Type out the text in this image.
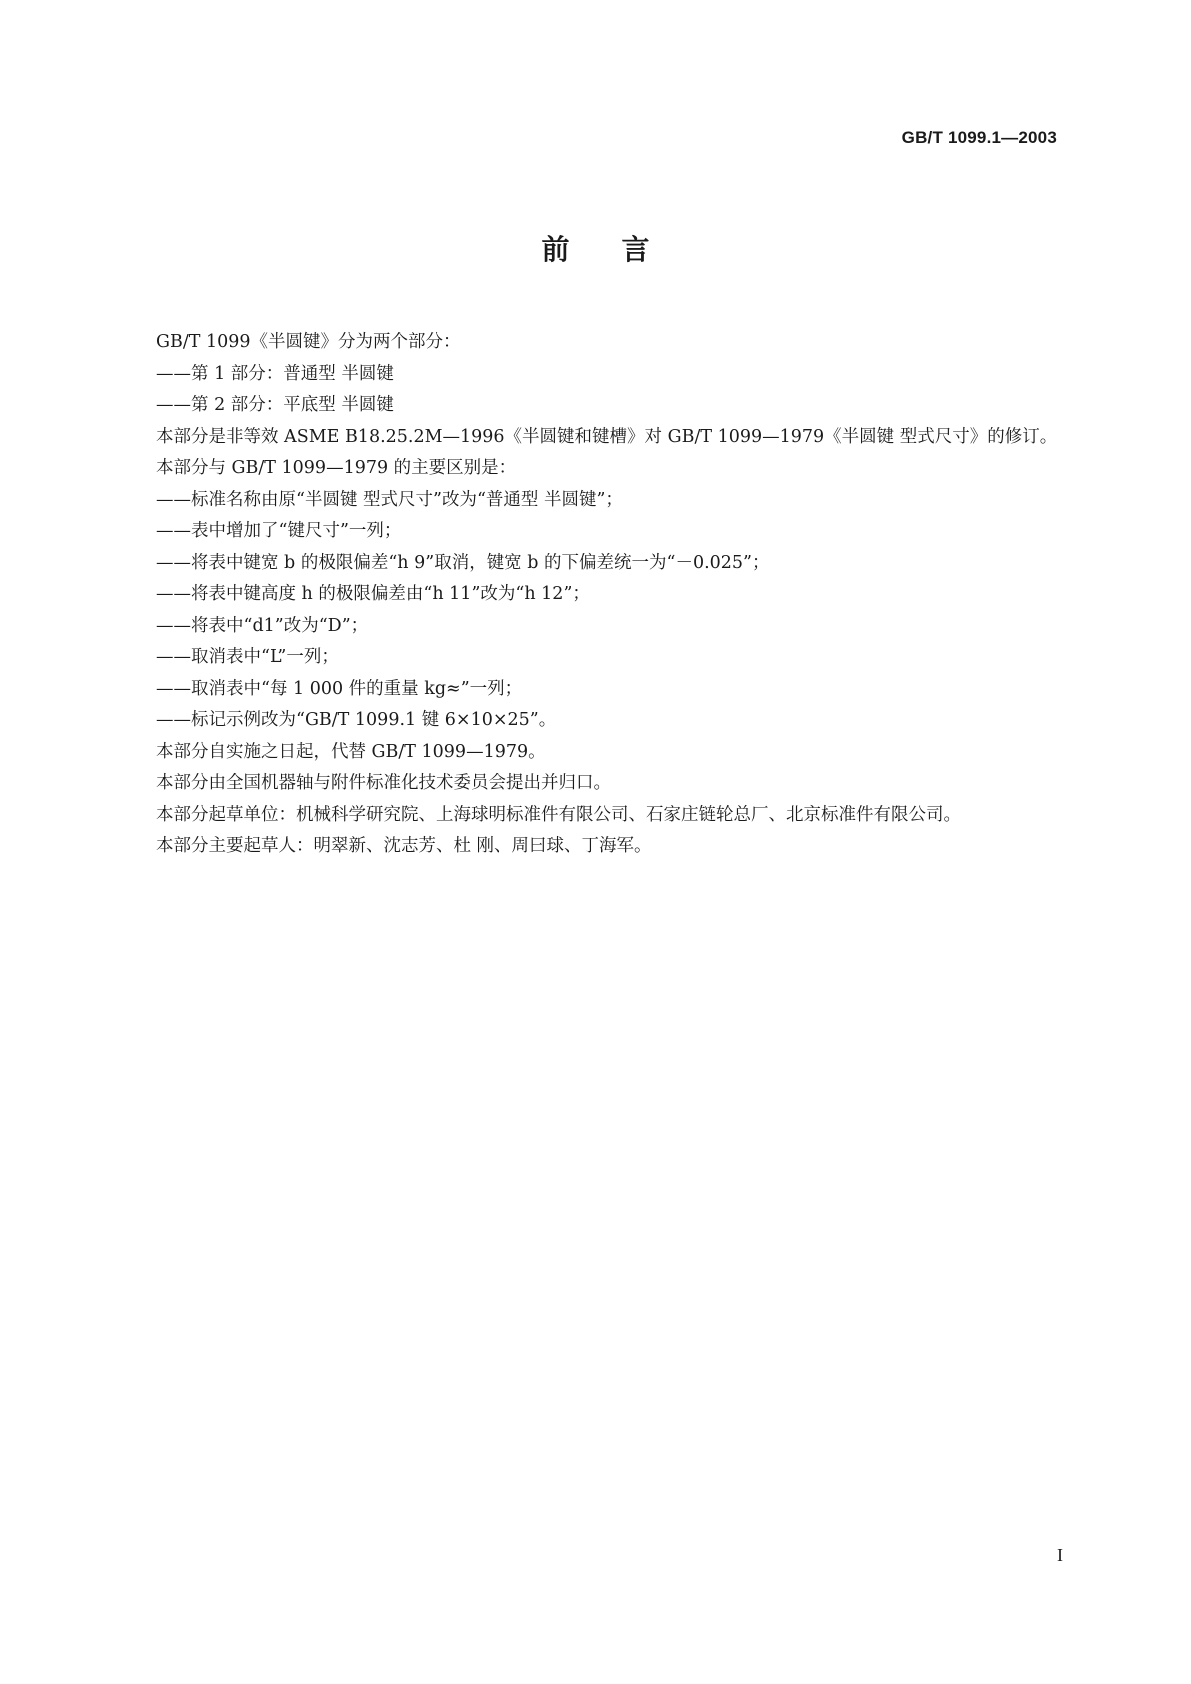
GB/T 1099.1—2003
前言

GB/T 1099《半圆键》分为两个部分：

——第 1 部分：普通型 半圆键

——第 2 部分：平底型 半圆键

本部分是非等效 ASME B18.25.2M—1996《半圆键和键槽》对 GB/T 1099—1979《半圆键 型式尺寸》的修订。

本部分与 GB/T 1099—1979 的主要区别是：

——标准名称由原“半圆键 型式尺寸”改为“普通型 半圆键”；

——表中增加了“键尺寸”一列；

——将表中键宽 b 的极限偏差“h 9”取消，键宽 b 的下偏差统一为“－0.025”；

——将表中键高度 h 的极限偏差由“h 11”改为“h 12”；

——将表中“d1”改为“D”；

——取消表中“L”一列；

——取消表中“每 1 000 件的重量 kg≈”一列；

——标记示例改为“GB/T 1099.1 键 6×10×25”。

本部分自实施之日起，代替 GB/T 1099—1979。

本部分由全国机器轴与附件标准化技术委员会提出并归口。

本部分起草单位：机械科学研究院、上海球明标准件有限公司、石家庄链轮总厂、北京标准件有限公司。

本部分主要起草人：明翠新、沈志芳、杜 刚、周曰球、丁海军。

I
